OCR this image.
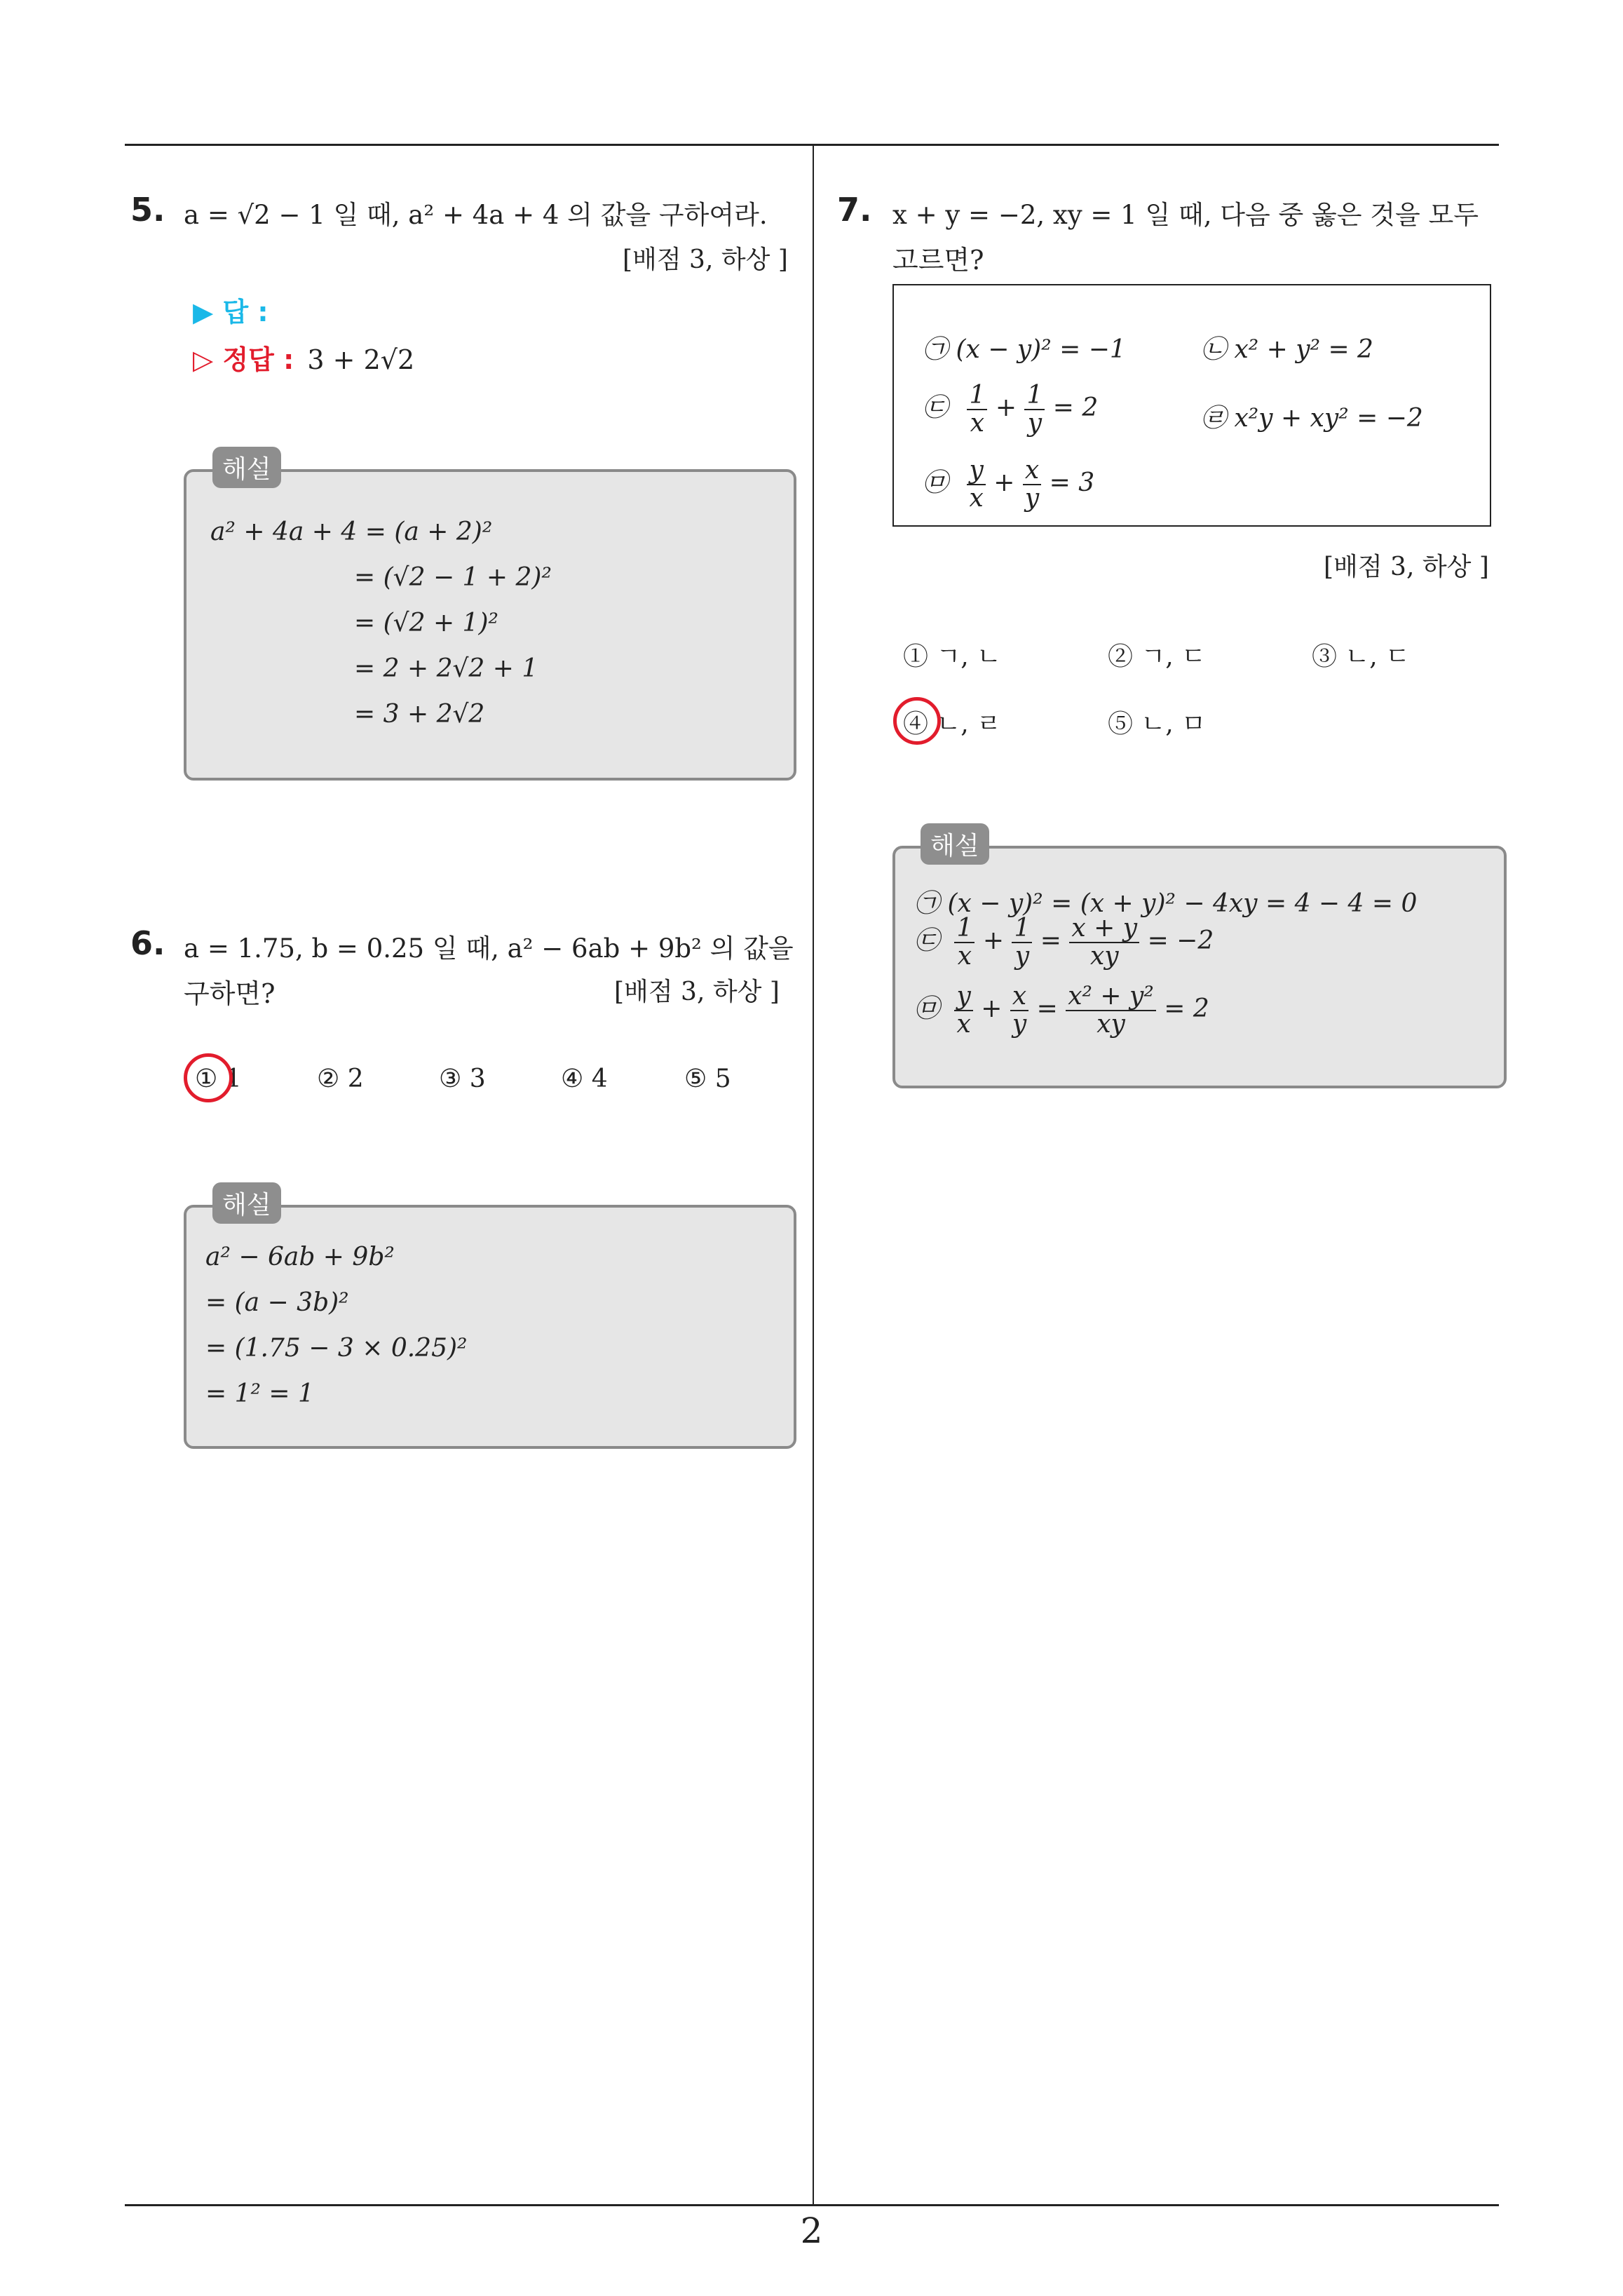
5. a = √2 − 1 일 때, a² + 4a + 4 의 값을 구하여라.
[배점 3, 하상 ]
▶ 답 :
▷ 정답 : 3 + 2√2
해설
a² + 4a + 4 = (a + 2)²
= (√2 − 1 + 2)²
= (√2 + 1)²
= 2 + 2√2 + 1
= 3 + 2√2
6. a = 1.75, b = 0.25 일 때, a² − 6ab + 9b² 의 값을
구하면?	[배점 3, 하상 ]
① 1	② 2	③ 3	④ 4	⑤ 5
해설
a² − 6ab + 9b²
= (a − 3b)²
= (1.75 − 3 × 0.25)²
= 1² = 1
7. x + y = −2, xy = 1 일 때, 다음 중 옳은 것을 모두
고르면?
㉠ (x − y)² = −1	㉡ x² + y² = 2
㉢ $\frac{1}{x} + \frac{1}{y} = 2$	㉣ x²y + xy² = −2
㉤ $\frac{y}{x} + \frac{x}{y} = 3$
[배점 3, 하상 ]
① ㄱ, ㄴ	② ㄱ, ㄷ	③ ㄴ, ㄷ
④ ㄴ, ㄹ	⑤ ㄴ, ㅁ
해설
㉠ (x − y)² = (x + y)² − 4xy = 4 − 4 = 0
㉢ $\frac{1}{x} + \frac{1}{y} = \frac{x + y}{xy} = -2$
㉤ $\frac{y}{x} + \frac{x}{y} = \frac{\text{x² + y²}}{xy} = 2$
2
